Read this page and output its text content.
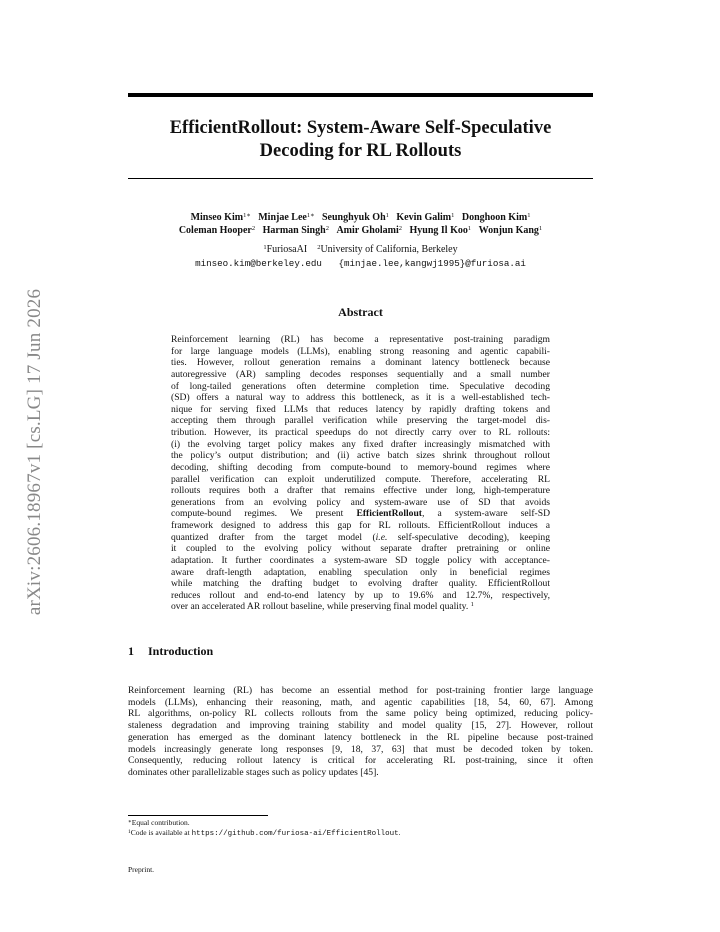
arXiv:2606.18967v1 [cs.LG] 17 Jun 2026
EfficientRollout: System-Aware Self-Speculative
Decoding for RL Rollouts
Minseo Kim$^{1∗}$ Minjae Lee$^{1∗}$ Seunghyuk Oh$^1$ Kevin Galim$^1$ Donghoon Kim$^1$
Coleman Hooper$^2$ Harman Singh$^2$ Amir Gholami$^2$ Hyung Il Koo$^1$ Wonjun Kang$^1$
$^1$FuriosaAI $^2$University of California, Berkeley
minseo.kim@berkeley.edu {minjae.lee,kangwj1995}@furiosa.ai
Abstract
Reinforcement learning (RL) has become a representative post-training paradigm
for large language models (LLMs), enabling strong reasoning and agentic capabili-
ties. However, rollout generation remains a dominant latency bottleneck because
autoregressive (AR) sampling decodes responses sequentially and a small number
of long-tailed generations often determine completion time. Speculative decoding
(SD) offers a natural way to address this bottleneck, as it is a well-established tech-
nique for serving fixed LLMs that reduces latency by rapidly drafting tokens and
accepting them through parallel verification while preserving the target-model dis-
tribution. However, its practical speedups do not directly carry over to RL rollouts:
(i) the evolving target policy makes any fixed drafter increasingly mismatched with
the policy’s output distribution; and (ii) active batch sizes shrink throughout rollout
decoding, shifting decoding from compute-bound to memory-bound regimes where
parallel verification can exploit underutilized compute. Therefore, accelerating RL
rollouts requires both a drafter that remains effective under long, high-temperature
generations from an evolving policy and system-aware use of SD that avoids
compute-bound regimes. We present EfficientRollout, a system-aware self-SD
framework designed to address this gap for RL rollouts. EfficientRollout induces a
quantized drafter from the target model (i.e. self-speculative decoding), keeping
it coupled to the evolving policy without separate drafter pretraining or online
adaptation. It further coordinates a system-aware SD toggle policy with acceptance-
aware draft-length adaptation, enabling speculation only in beneficial regimes
while matching the drafting budget to evolving drafter quality. EfficientRollout
reduces rollout and end-to-end latency by up to 19.6% and 12.7%, respectively,
over an accelerated AR rollout baseline, while preserving final model quality. $^1$
1 Introduction
Reinforcement learning (RL) has become an essential method for post-training frontier large language
models (LLMs), enhancing their reasoning, math, and agentic capabilities [18, 54, 60, 67]. Among
RL algorithms, on-policy RL collects rollouts from the same policy being optimized, reducing policy-
staleness degradation and improving training stability and model quality [15, 27]. However, rollout
generation has emerged as the dominant latency bottleneck in the RL pipeline because post-trained
models increasingly generate long responses [9, 18, 37, 63] that must be decoded token by token.
Consequently, reducing rollout latency is critical for accelerating RL post-training, since it often
dominates other parallelizable stages such as policy updates [45].
∗Equal contribution.
$^1$Code is available at https://github.com/furiosa-ai/EfficientRollout.
Preprint.
